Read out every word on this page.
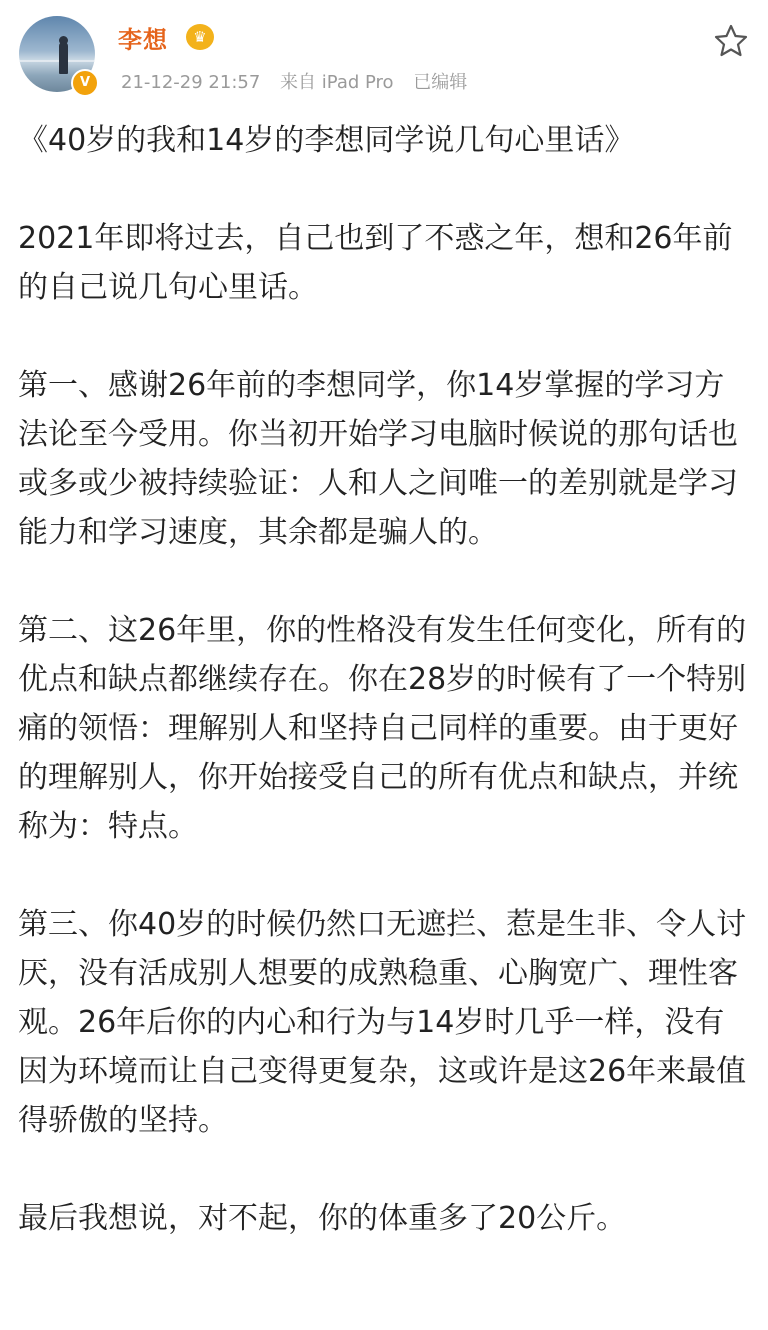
V
李想	♛
21-12-29 21:57 来自 iPad Pro 已编辑

《40岁的我和14岁的李想同学说几句心里话》

2021年即将过去，自己也到了不惑之年，想和26年前的自己说几句心里话。

第一、感谢26年前的李想同学，你14岁掌握的学习方法论至今受用。你当初开始学习电脑时候说的那句话也或多或少被持续验证：人和人之间唯一的差别就是学习能力和学习速度，其余都是骗人的。

第二、这26年里，你的性格没有发生任何变化，所有的优点和缺点都继续存在。你在28岁的时候有了一个特别痛的领悟：理解别人和坚持自己同样的重要。由于更好的理解别人，你开始接受自己的所有优点和缺点，并统称为：特点。

第三、你40岁的时候仍然口无遮拦、惹是生非、令人讨厌，没有活成别人想要的成熟稳重、心胸宽广、理性客观。26年后你的内心和行为与14岁时几乎一样，没有因为环境而让自己变得更复杂，这或许是这26年来最值得骄傲的坚持。

最后我想说，对不起，你的体重多了20公斤。
